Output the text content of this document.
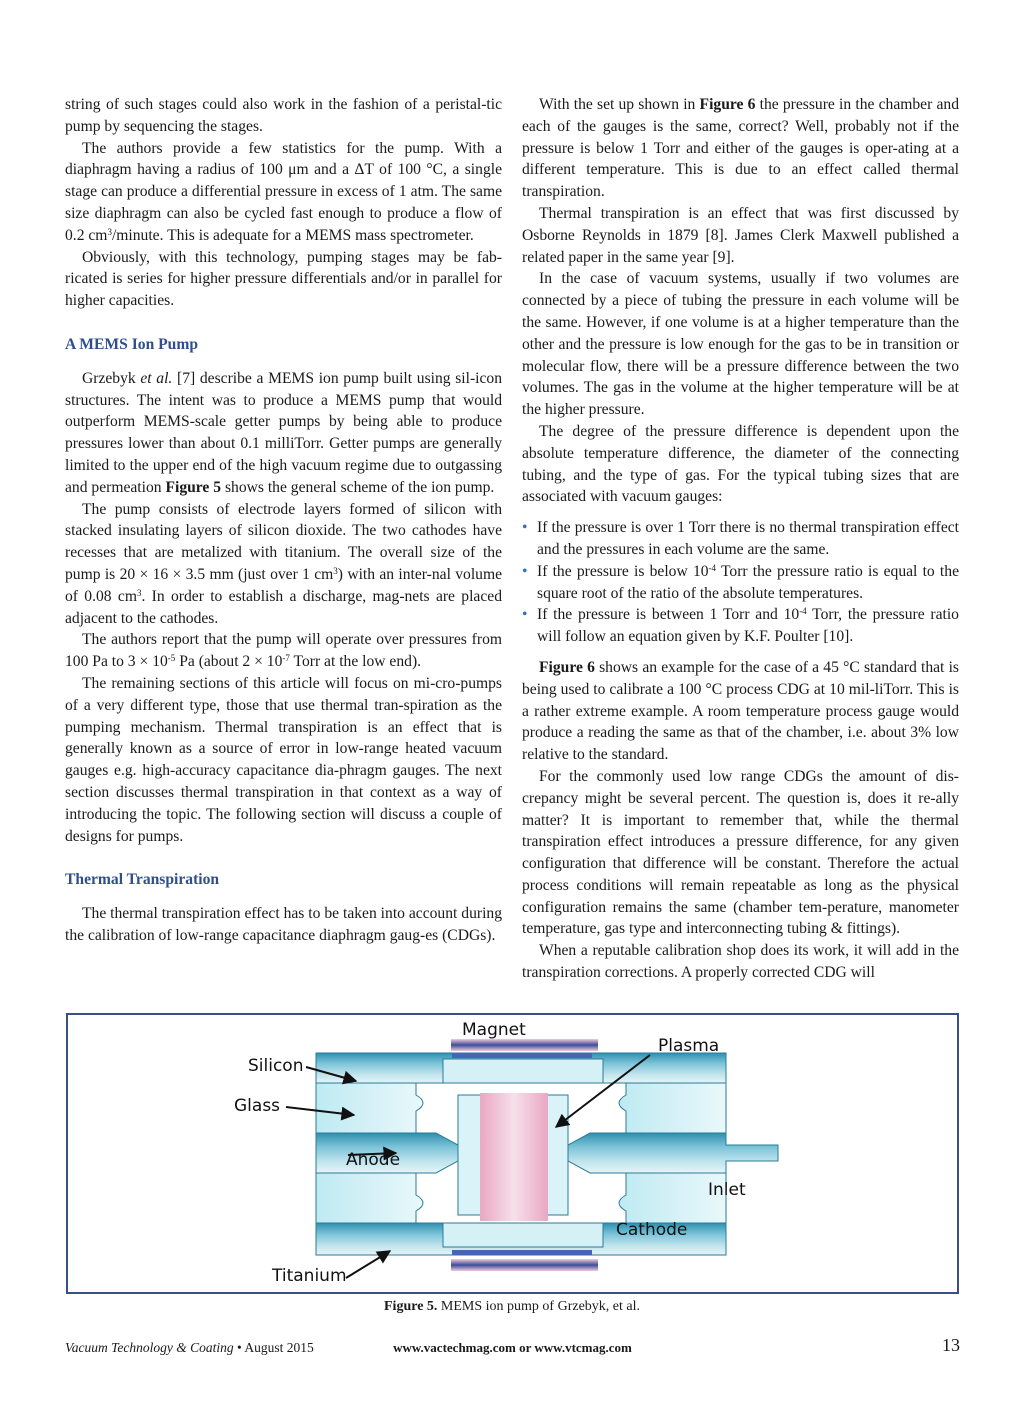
string of such stages could also work in the fashion of a peristal-tic pump by sequencing the stages.

The authors provide a few statistics for the pump. With a diaphragm having a radius of 100 μm and a ΔT of 100 °C, a single stage can produce a differential pressure in excess of 1 atm. The same size diaphragm can also be cycled fast enough to produce a flow of 0.2 $cm^3$/minute. This is adequate for a MEMS mass spectrometer.

Obviously, with this technology, pumping stages may be fab-ricated is series for higher pressure differentials and/or in parallel for higher capacities.

A MEMS Ion Pump

Grzebyk et al. [7] describe a MEMS ion pump built using sil-icon structures. The intent was to produce a MEMS pump that would outperform MEMS-scale getter pumps by being able to produce pressures lower than about 0.1 milliTorr. Getter pumps are generally limited to the upper end of the high vacuum regime due to outgassing and permeation Figure 5 shows the general scheme of the ion pump.

The pump consists of electrode layers formed of silicon with stacked insulating layers of silicon dioxide. The two cathodes have recesses that are metalized with titanium. The overall size of the pump is 20 × 16 × 3.5 mm (just over 1 $cm^3$) with an inter-nal volume of 0.08 $cm^3$. In order to establish a discharge, mag-nets are placed adjacent to the cathodes.

The authors report that the pump will operate over pressures from 100 Pa to $3 \times 10^{-5}$ Pa (about $2 \times 10^{-7}$ Torr at the low end).

The remaining sections of this article will focus on mi-cro-pumps of a very different type, those that use thermal tran-spiration as the pumping mechanism. Thermal transpiration is an effect that is generally known as a source of error in low-range heated vacuum gauges e.g. high-accuracy capacitance dia-phragm gauges. The next section discusses thermal transpiration in that context as a way of introducing the topic. The following section will discuss a couple of designs for pumps.

Thermal Transpiration

The thermal transpiration effect has to be taken into account during the calibration of low-range capacitance diaphragm gaug-es (CDGs).

With the set up shown in Figure 6 the pressure in the chamber and each of the gauges is the same, correct? Well, probably not if the pressure is below 1 Torr and either of the gauges is oper-ating at a different temperature. This is due to an effect called thermal transpiration.

Thermal transpiration is an effect that was first discussed by Osborne Reynolds in 1879 [8]. James Clerk Maxwell published a related paper in the same year [9].

In the case of vacuum systems, usually if two volumes are connected by a piece of tubing the pressure in each volume will be the same. However, if one volume is at a higher temperature than the other and the pressure is low enough for the gas to be in transition or molecular flow, there will be a pressure difference between the two volumes. The gas in the volume at the higher temperature will be at the higher pressure.

The degree of the pressure difference is dependent upon the absolute temperature difference, the diameter of the connecting tubing, and the type of gas. For the typical tubing sizes that are associated with vacuum gauges:

• If the pressure is over 1 Torr there is no thermal transpiration effect and the pressures in each volume are the same.
• If the pressure is below $10^{-4}$ Torr the pressure ratio is equal to the square root of the ratio of the absolute temperatures.
• If the pressure is between 1 Torr and $10^{-4}$ Torr, the pressure ratio will follow an equation given by K.F. Poulter [10].

Figure 6 shows an example for the case of a 45 °C standard that is being used to calibrate a 100 °C process CDG at 10 mil-liTorr. This is a rather extreme example. A room temperature process gauge would produce a reading the same as that of the chamber, i.e. about 3% low relative to the standard.

For the commonly used low range CDGs the amount of dis-crepancy might be several percent. The question is, does it re-ally matter? It is important to remember that, while the thermal transpiration effect introduces a pressure difference, for any given configuration that difference will be constant. Therefore the actual process conditions will remain repeatable as long as the physical configuration remains the same (chamber tem-perature, manometer temperature, gas type and interconnecting tubing & fittings).

When a reputable calibration shop does its work, it will add in the transpiration corrections. A properly corrected CDG will

Magnet
Plasma
Silicon
Glass
Anode
Inlet
Cathode
Titanium
Figure 5. MEMS ion pump of Grzebyk, et al.
Vacuum Technology & Coating • August 2015	www.vactechmag.com or www.vtcmag.com	13
